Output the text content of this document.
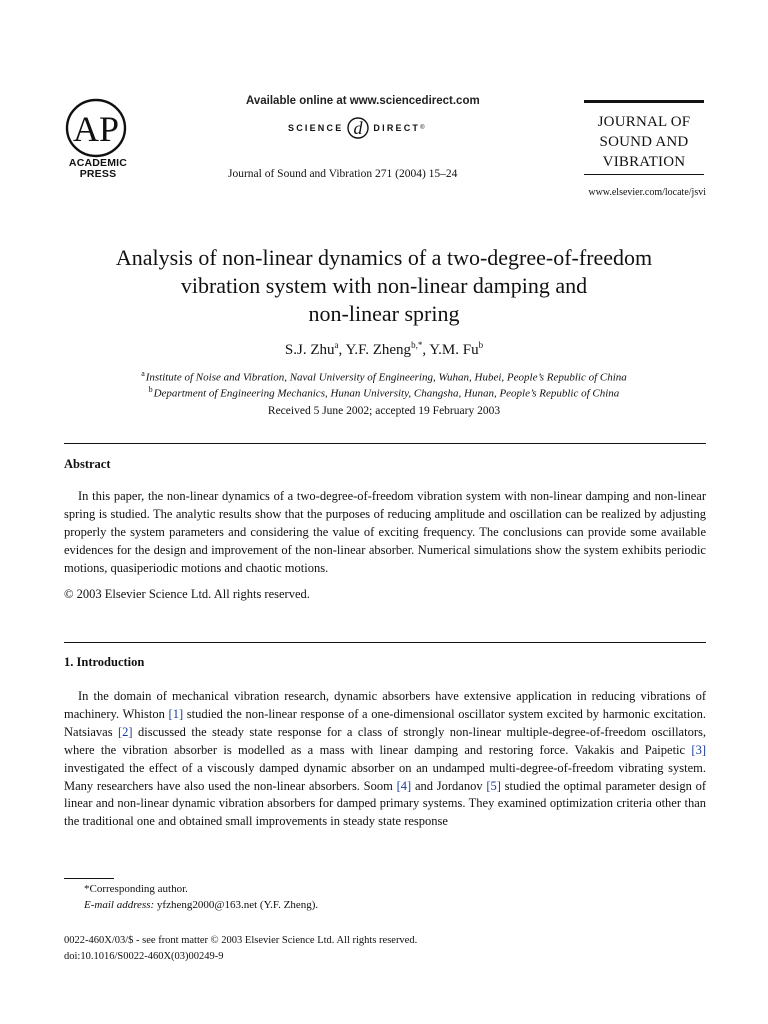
AP
ACADEMIC
PRESS
Available online at www.sciencedirect.com
SCIENCE d DIRECT ®
Journal of Sound and Vibration 271 (2004) 15–24
JOURNAL OF
SOUND AND
VIBRATION
www.elsevier.com/locate/jsvi
Analysis of non-linear dynamics of a two-degree-of-freedom
vibration system with non-linear damping and
non-linear spring
S.J. Zhu$^a$, Y.F. Zheng$^{b,*}$, Y.M. Fu$^b$
$^a$ Institute of Noise and Vibration, Naval University of Engineering, Wuhan, Hubei, People’s Republic of China
$^b$ Department of Engineering Mechanics, Hunan University, Changsha, Hunan, People’s Republic of China
Received 5 June 2002; accepted 19 February 2003
Abstract
In this paper, the non-linear dynamics of a two-degree-of-freedom vibration system with non-linear damping and non-linear spring is studied. The analytic results show that the purposes of reducing amplitude and oscillation can be realized by adjusting properly the system parameters and considering the value of exciting frequency. The conclusions can provide some available evidences for the design and improvement of the non-linear absorber. Numerical simulations show the system exhibits periodic motions, quasiperiodic motions and chaotic motions.
© 2003 Elsevier Science Ltd. All rights reserved.
1. Introduction
In the domain of mechanical vibration research, dynamic absorbers have extensive application in reducing vibrations of machinery. Whiston [1] studied the non-linear response of a one-dimensional oscillator system excited by harmonic excitation. Natsiavas [2] discussed the steady state response for a class of strongly non-linear multiple-degree-of-freedom oscillators, where the vibration absorber is modelled as a mass with linear damping and restoring force. Vakakis and Paipetic [3] investigated the effect of a viscously damped dynamic absorber on an undamped multi-degree-of-freedom vibrating system. Many researchers have also used the non-linear absorbers. Soom [4] and Jordanov [5] studied the optimal parameter design of linear and non-linear dynamic vibration absorbers for damped primary systems. They examined optimization criteria other than the traditional one and obtained small improvements in steady state response
*Corresponding author.
E-mail address: yfzheng2000@163.net (Y.F. Zheng).
0022-460X/03/$ - see front matter © 2003 Elsevier Science Ltd. All rights reserved.
doi:10.1016/S0022-460X(03)00249-9
